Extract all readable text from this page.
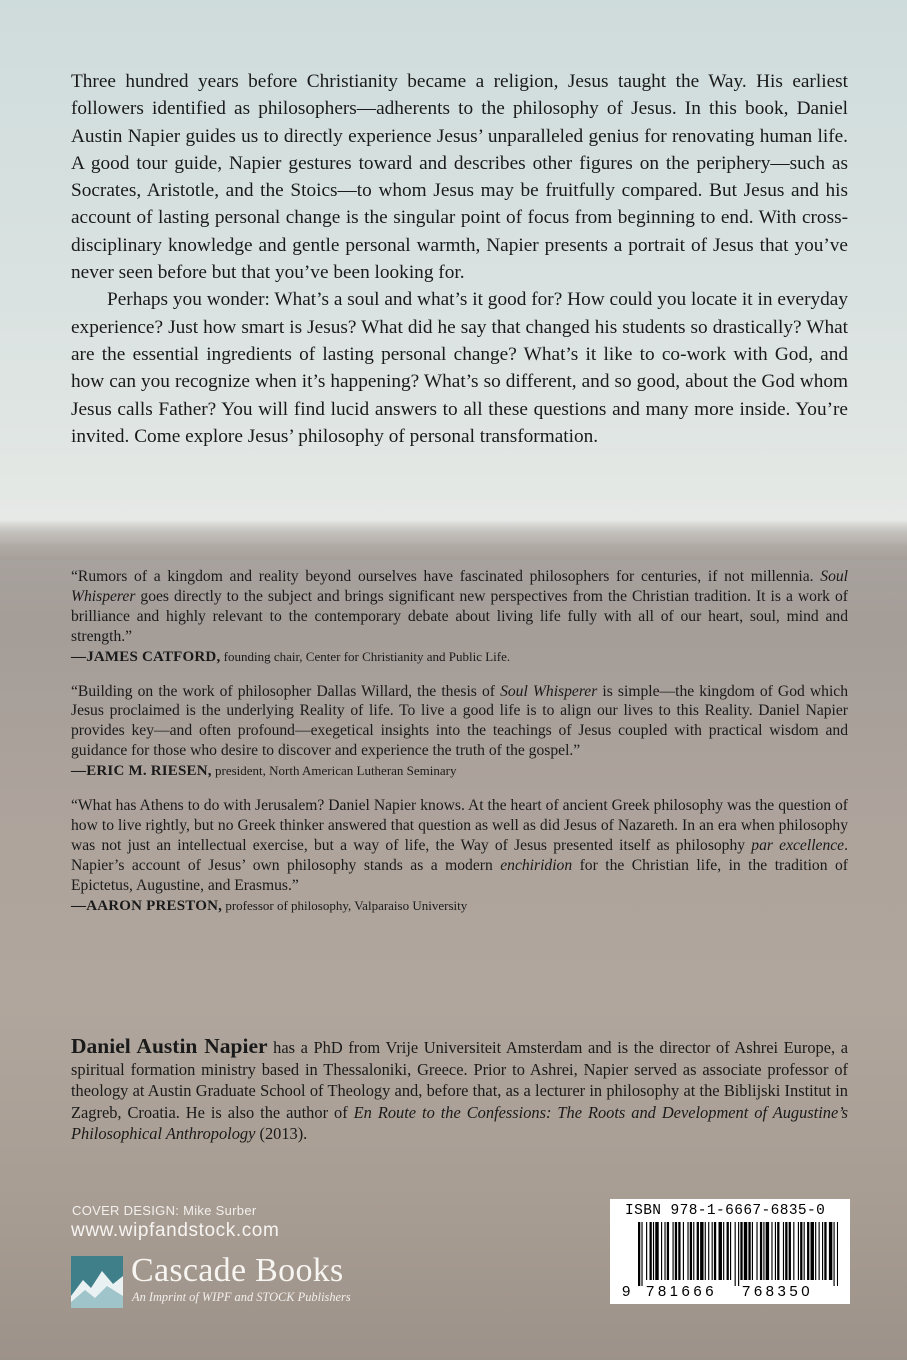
Three hundred years before Christianity became a religion, Jesus taught the Way. His earliest followers identified as philosophers—adherents to the philosophy of Jesus. In this book, Daniel Austin Napier guides us to directly experience Jesus’ unparalleled genius for renovating human life. A good tour guide, Napier gestures toward and describes other figures on the periphery—such as Socrates, Aristotle, and the Stoics—to whom Jesus may be fruitfully compared. But Jesus and his account of lasting personal change is the singular point of focus from beginning to end. With cross-disciplinary knowledge and gentle personal warmth, Napier presents a portrait of Jesus that you’ve never seen before but that you’ve been looking for.

Perhaps you wonder: What’s a soul and what’s it good for? How could you locate it in everyday experience? Just how smart is Jesus? What did he say that changed his students so drastically? What are the essential ingredients of lasting personal change? What’s it like to co-work with God, and how can you recognize when it’s happening? What’s so different, and so good, about the God whom Jesus calls Father? You will find lucid answers to all these questions and many more inside. You’re invited. Come explore Jesus’ philosophy of personal transformation.

“Rumors of a kingdom and reality beyond ourselves have fascinated philosophers for centuries, if not millennia. Soul Whisperer goes directly to the subject and brings significant new perspectives from the Christian tradition. It is a work of brilliance and highly relevant to the contemporary debate about living life fully with all of our heart, soul, mind and strength.”

—JAMES CATFORD, founding chair, Center for Christianity and Public Life.

“Building on the work of philosopher Dallas Willard, the thesis of Soul Whisperer is simple—the kingdom of God which Jesus proclaimed is the underlying Reality of life. To live a good life is to align our lives to this Reality. Daniel Napier provides key—and often profound—exegetical insights into the teachings of Jesus coupled with practical wisdom and guidance for those who desire to discover and experience the truth of the gospel.”

—ERIC M. RIESEN, president, North American Lutheran Seminary

“What has Athens to do with Jerusalem? Daniel Napier knows. At the heart of ancient Greek philosophy was the question of how to live rightly, but no Greek thinker answered that question as well as did Jesus of Nazareth. In an era when philosophy was not just an intellectual exercise, but a way of life, the Way of Jesus presented itself as philosophy par excellence. Napier’s account of Jesus’ own philosophy stands as a modern enchiridion for the Christian life, in the tradition of Epictetus, Augustine, and Erasmus.”

—AARON PRESTON, professor of philosophy, Valparaiso University

Daniel Austin Napier has a PhD from Vrije Universiteit Amsterdam and is the director of Ashrei Europe, a spiritual formation ministry based in Thessaloniki, Greece. Prior to Ashrei, Napier served as associate professor of theology at Austin Graduate School of Theology and, before that, as a lecturer in philosophy at the Biblijski Institut in Zagreb, Croatia. He is also the author of En Route to the Confessions: The Roots and Development of Augustine’s Philosophical Anthropology (2013).
COVER DESIGN: Mike Surber
www.wipfandstock.com
Cascade Books
An Imprint of WIPF and STOCK Publishers
ISBN 978-1-6667-6835-0
9 781666 768350
